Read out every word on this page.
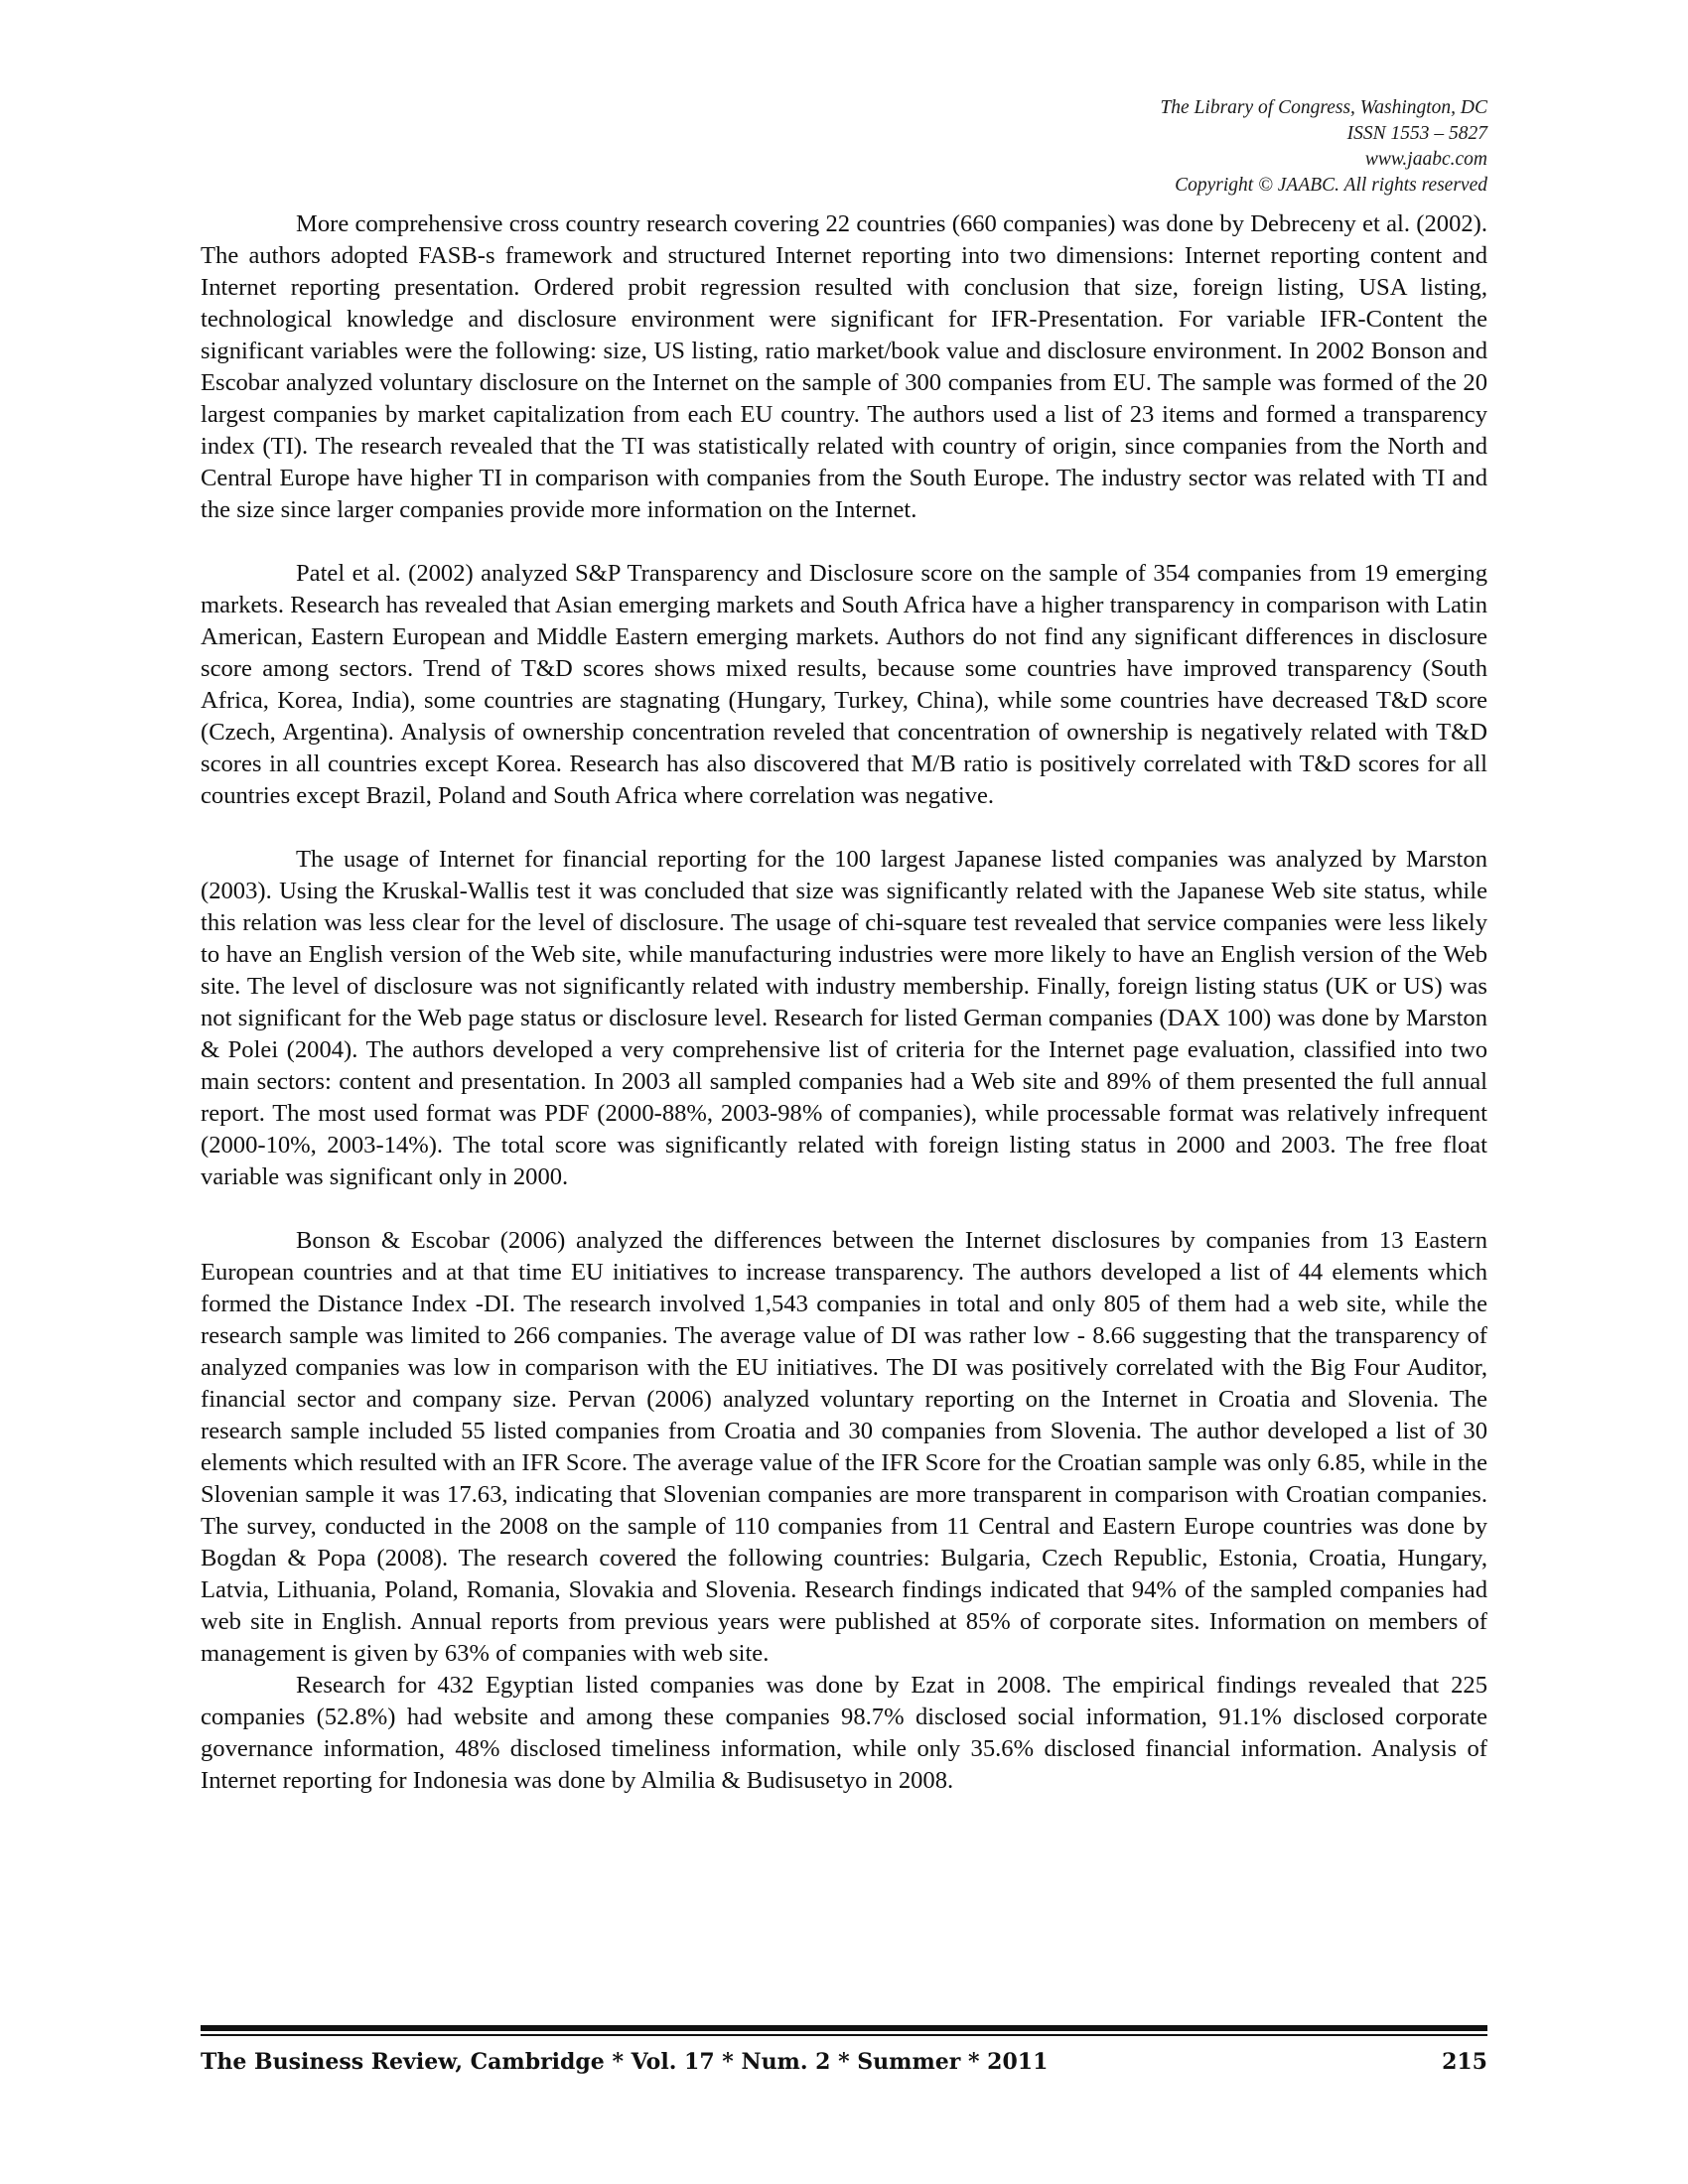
The Library of Congress, Washington, DC
ISSN 1553 – 5827
www.jaabc.com
Copyright © JAABC. All rights reserved

More comprehensive cross country research covering 22 countries (660 companies) was done by Debreceny et al. (2002). The authors adopted FASB-s framework and structured Internet reporting into two dimensions: Internet reporting content and Internet reporting presentation. Ordered probit regression resulted with conclusion that size, foreign listing, USA listing, technological knowledge and disclosure environment were significant for IFR-Presentation. For variable IFR-Content the significant variables were the following: size, US listing, ratio market/book value and disclosure environment. In 2002 Bonson and Escobar analyzed voluntary disclosure on the Internet on the sample of 300 companies from EU. The sample was formed of the 20 largest companies by market capitalization from each EU country. The authors used a list of 23 items and formed a transparency index (TI). The research revealed that the TI was statistically related with country of origin, since companies from the North and Central Europe have higher TI in comparison with companies from the South Europe. The industry sector was related with TI and the size since larger companies provide more information on the Internet.

Patel et al. (2002) analyzed S&P Transparency and Disclosure score on the sample of 354 companies from 19 emerging markets. Research has revealed that Asian emerging markets and South Africa have a higher transparency in comparison with Latin American, Eastern European and Middle Eastern emerging markets. Authors do not find any significant differences in disclosure score among sectors. Trend of T&D scores shows mixed results, because some countries have improved transparency (South Africa, Korea, India), some countries are stagnating (Hungary, Turkey, China), while some countries have decreased T&D score (Czech, Argentina). Analysis of ownership concentration reveled that concentration of ownership is negatively related with T&D scores in all countries except Korea. Research has also discovered that M/B ratio is positively correlated with T&D scores for all countries except Brazil, Poland and South Africa where correlation was negative.

The usage of Internet for financial reporting for the 100 largest Japanese listed companies was analyzed by Marston (2003). Using the Kruskal-Wallis test it was concluded that size was significantly related with the Japanese Web site status, while this relation was less clear for the level of disclosure. The usage of chi-square test revealed that service companies were less likely to have an English version of the Web site, while manufacturing industries were more likely to have an English version of the Web site. The level of disclosure was not significantly related with industry membership. Finally, foreign listing status (UK or US) was not significant for the Web page status or disclosure level. Research for listed German companies (DAX 100) was done by Marston & Polei (2004). The authors developed a very comprehensive list of criteria for the Internet page evaluation, classified into two main sectors: content and presentation. In 2003 all sampled companies had a Web site and 89% of them presented the full annual report. The most used format was PDF (2000-88%, 2003-98% of companies), while processable format was relatively infrequent (2000-10%, 2003-14%). The total score was significantly related with foreign listing status in 2000 and 2003. The free float variable was significant only in 2000.

Bonson & Escobar (2006) analyzed the differences between the Internet disclosures by companies from 13 Eastern European countries and at that time EU initiatives to increase transparency. The authors developed a list of 44 elements which formed the Distance Index -DI. The research involved 1,543 companies in total and only 805 of them had a web site, while the research sample was limited to 266 companies. The average value of DI was rather low - 8.66 suggesting that the transparency of analyzed companies was low in comparison with the EU initiatives. The DI was positively correlated with the Big Four Auditor, financial sector and company size. Pervan (2006) analyzed voluntary reporting on the Internet in Croatia and Slovenia. The research sample included 55 listed companies from Croatia and 30 companies from Slovenia. The author developed a list of 30 elements which resulted with an IFR Score. The average value of the IFR Score for the Croatian sample was only 6.85, while in the Slovenian sample it was 17.63, indicating that Slovenian companies are more transparent in comparison with Croatian companies. The survey, conducted in the 2008 on the sample of 110 companies from 11 Central and Eastern Europe countries was done by Bogdan & Popa (2008). The research covered the following countries: Bulgaria, Czech Republic, Estonia, Croatia, Hungary, Latvia, Lithuania, Poland, Romania, Slovakia and Slovenia. Research findings indicated that 94% of the sampled companies had web site in English. Annual reports from previous years were published at 85% of corporate sites. Information on members of management is given by 63% of companies with web site.

Research for 432 Egyptian listed companies was done by Ezat in 2008. The empirical findings revealed that 225 companies (52.8%) had website and among these companies 98.7% disclosed social information, 91.1% disclosed corporate governance information, 48% disclosed timeliness information, while only 35.6% disclosed financial information. Analysis of Internet reporting for Indonesia was done by Almilia & Budisusetyo in 2008.

The Business Review, Cambridge * Vol. 17 * Num. 2 * Summer * 2011	215
